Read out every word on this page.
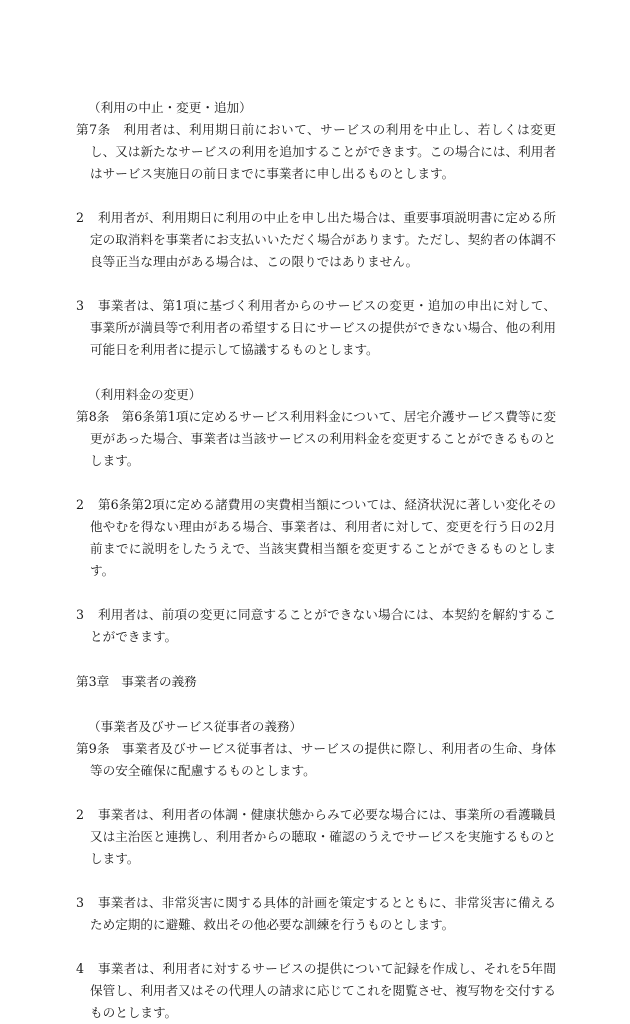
（利用の中止・変更・追加）
第7条 利用者は、利用期日前において、サービスの利用を中止し、若しくは変更し、又は新たなサービスの利用を追加することができます。この場合には、利用者はサービス実施日の前日までに事業者に申し出るものとします。
2	利用者が、利用期日に利用の中止を申し出た場合は、重要事項説明書に定める所定の取消料を事業者にお支払いいただく場合があります。ただし、契約者の体調不良等正当な理由がある場合は、この限りではありません。
3	事業者は、第1項に基づく利用者からのサービスの変更・追加の申出に対して、事業所が満員等で利用者の希望する日にサービスの提供ができない場合、他の利用可能日を利用者に提示して協議するものとします。
（利用料金の変更）
第8条 第6条第1項に定めるサービス利用料金について、居宅介護サービス費等に変更があった場合、事業者は当該サービスの利用料金を変更することができるものとします。
2	第6条第2項に定める諸費用の実費相当額については、経済状況に著しい変化その他やむを得ない理由がある場合、事業者は、利用者に対して、変更を行う日の2月前までに説明をしたうえで、当該実費相当額を変更することができるものとします。
3	利用者は、前項の変更に同意することができない場合には、本契約を解約することができます。
第3章 事業者の義務
（事業者及びサービス従事者の義務）
第9条 事業者及びサービス従事者は、サービスの提供に際し、利用者の生命、身体等の安全確保に配慮するものとします。
2	事業者は、利用者の体調・健康状態からみて必要な場合には、事業所の看護職員又は主治医と連携し、利用者からの聴取・確認のうえでサービスを実施するものとします。
3	事業者は、非常災害に関する具体的計画を策定するとともに、非常災害に備えるため定期的に避難、救出その他必要な訓練を行うものとします。
4	事業者は、利用者に対するサービスの提供について記録を作成し、それを5年間保管し、利用者又はその代理人の請求に応じてこれを閲覧させ、複写物を交付するものとします。
